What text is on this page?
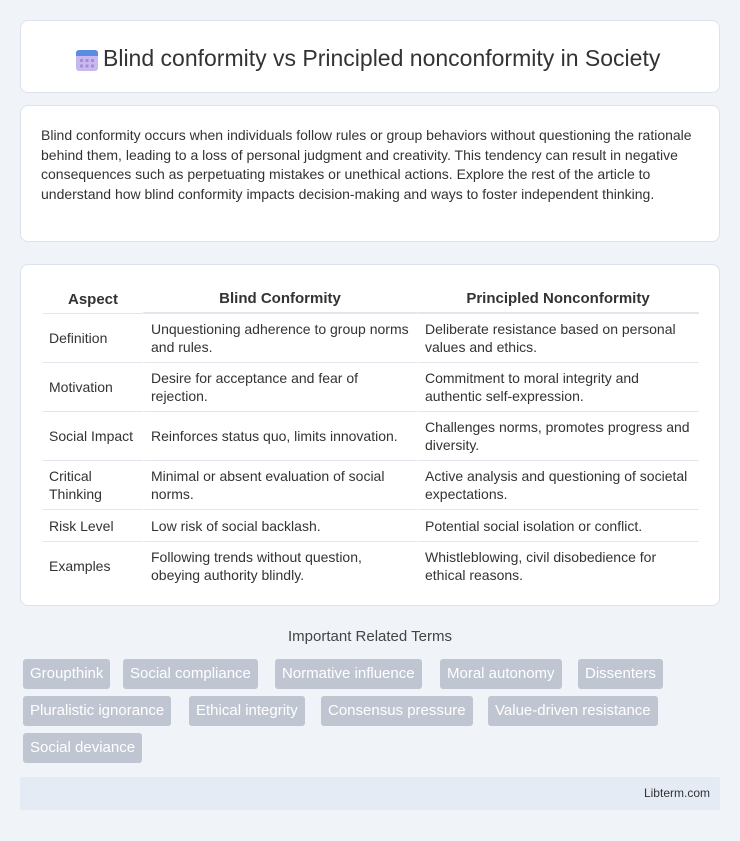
Blind conformity vs Principled nonconformity in Society

Blind conformity occurs when individuals follow rules or group behaviors without questioning the rationale behind them, leading to a loss of personal judgment and creativity. This tendency can result in negative consequences such as perpetuating mistakes or unethical actions. Explore the rest of the article to understand how blind conformity impacts decision-making and ways to foster independent thinking.

Aspect	Blind Conformity	Principled Nonconformity
Definition	Unquestioning adherence to group norms and rules.	Deliberate resistance based on personal values and ethics.
Motivation	Desire for acceptance and fear of rejection.	Commitment to moral integrity and authentic self-expression.
Social Impact	Reinforces status quo, limits innovation.	Challenges norms, promotes progress and diversity.
Critical Thinking	Minimal or absent evaluation of social norms.	Active analysis and questioning of societal expectations.
Risk Level	Low risk of social backlash.	Potential social isolation or conflict.
Examples	Following trends without question, obeying authority blindly.	Whistleblowing, civil disobedience for ethical reasons.
Important Related Terms
Groupthink	Social compliance	Normative influence	Moral autonomy	Dissenters
Pluralistic ignorance	Ethical integrity	Consensus pressure	Value-driven resistance
Social deviance
Libterm.com
